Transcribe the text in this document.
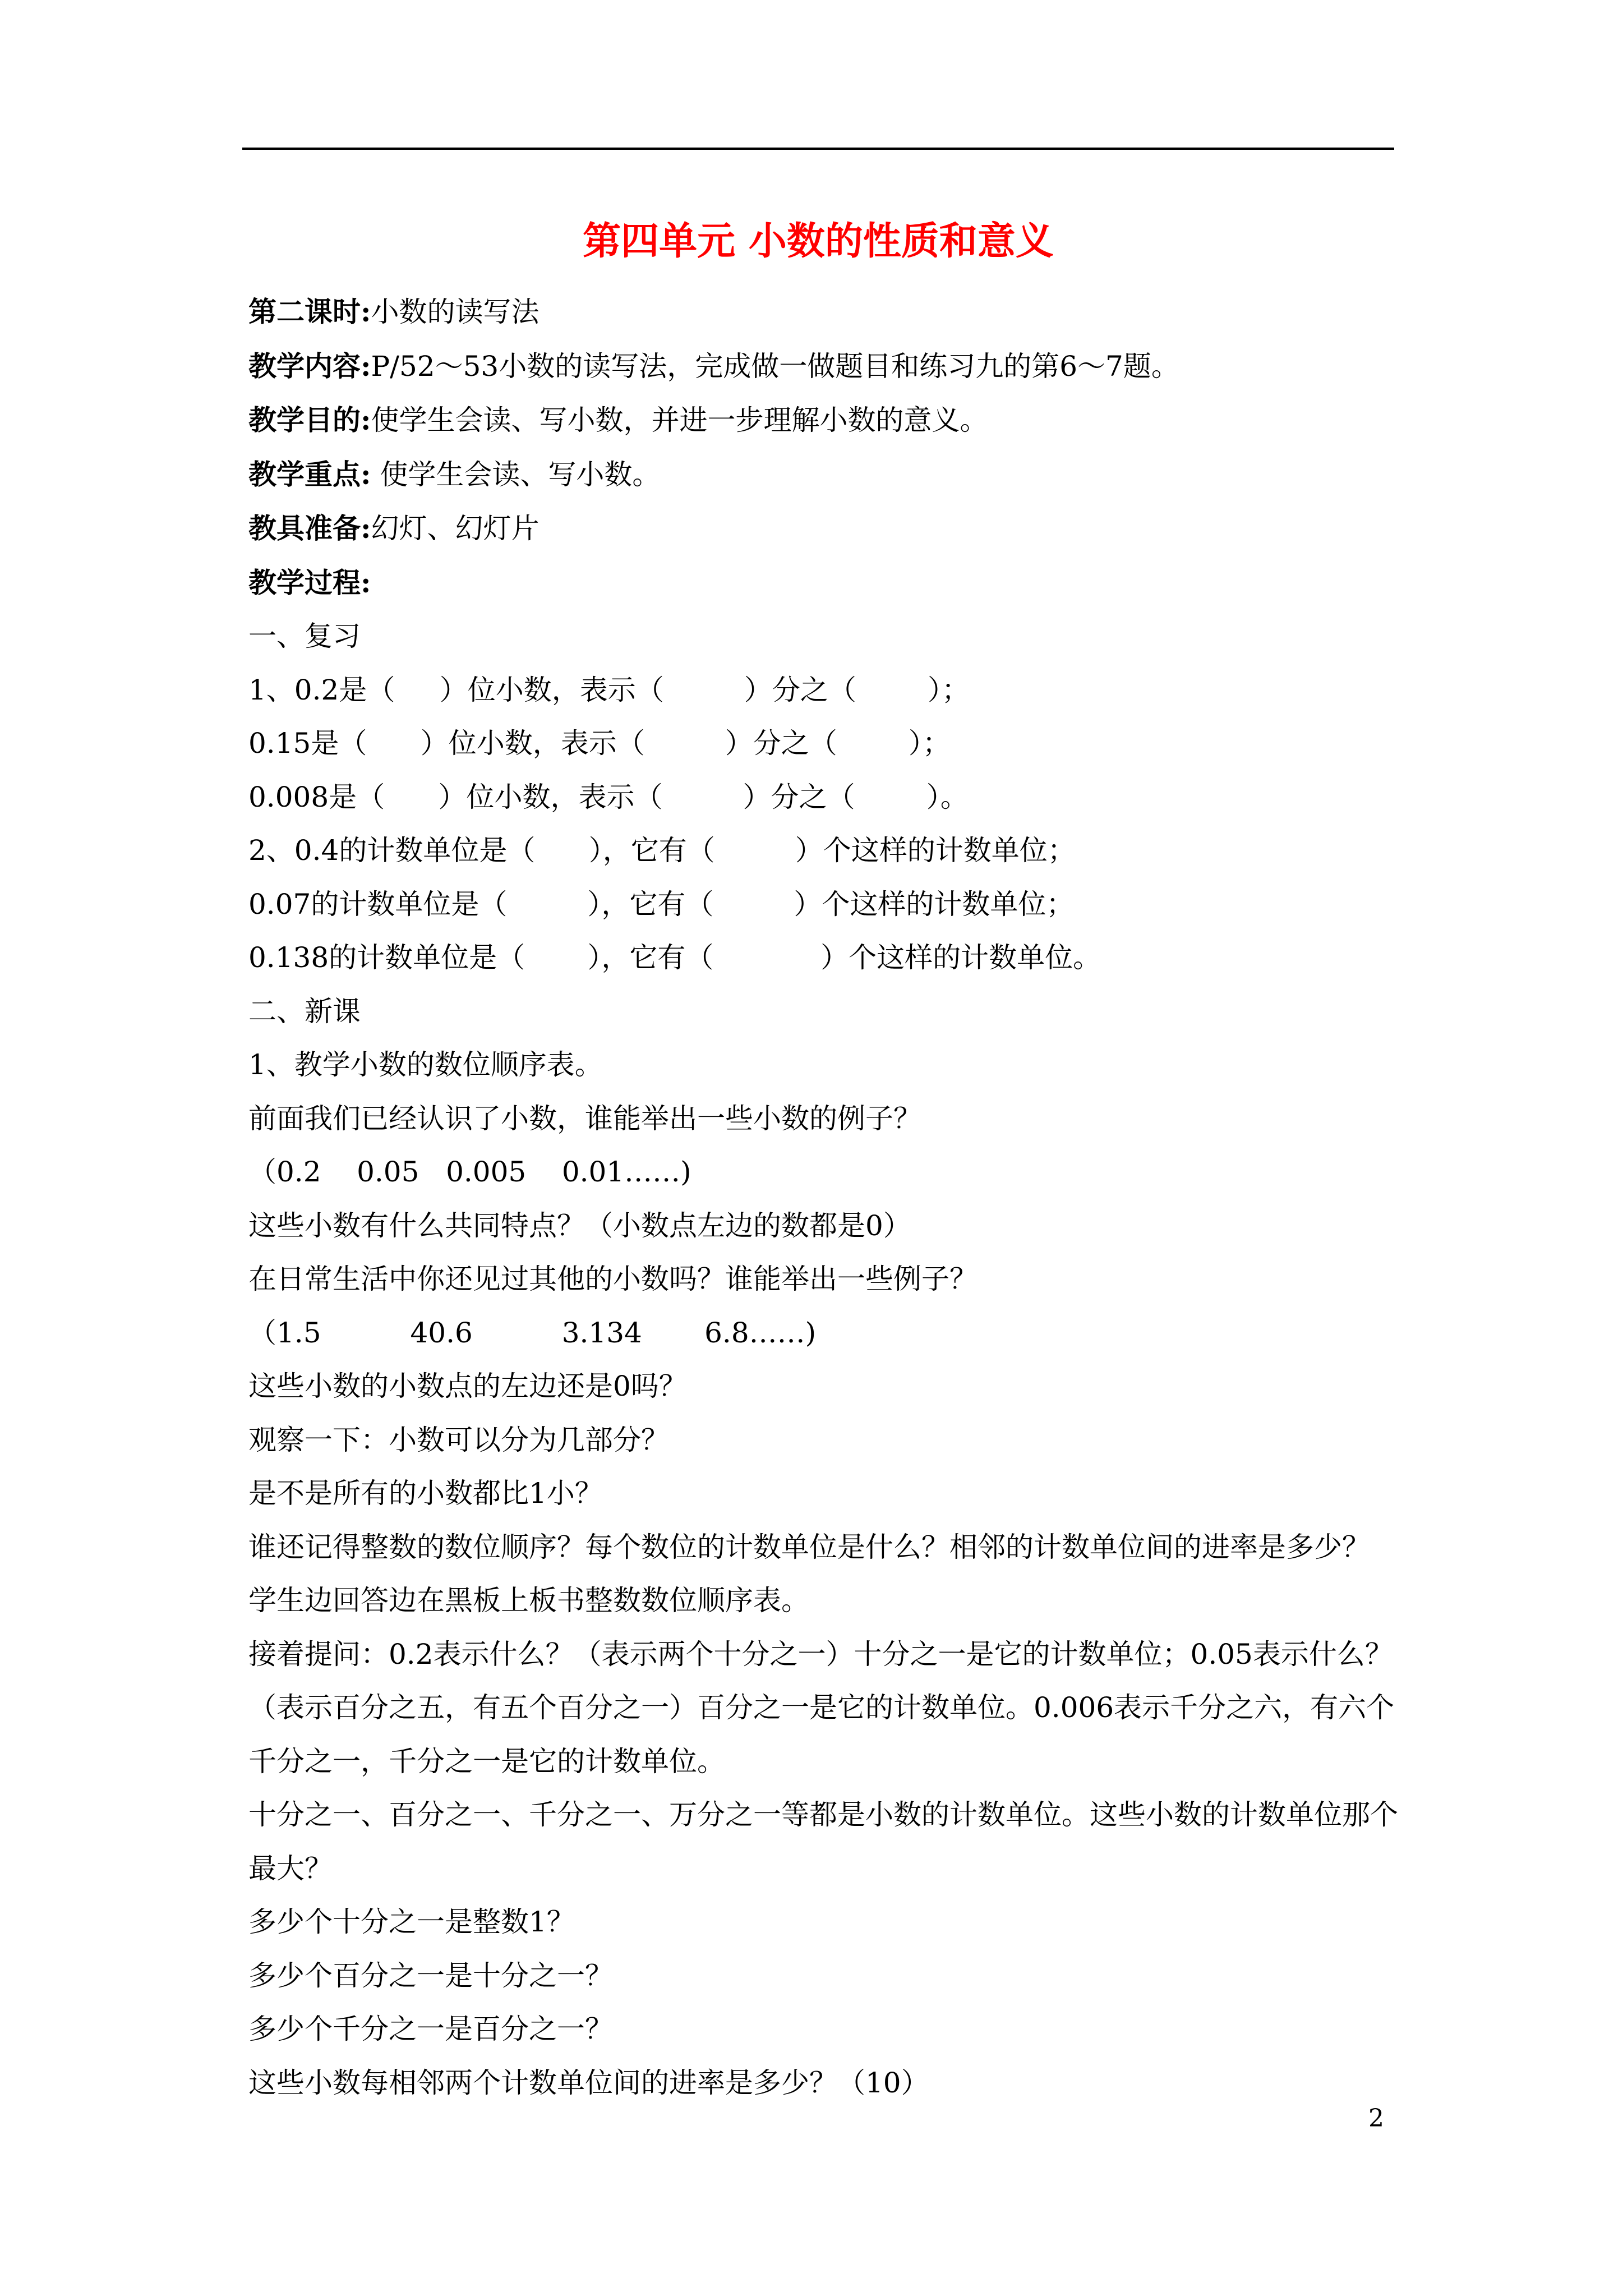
第四单元 小数的性质和意义

第二课时:小数的读写法

教学内容:P/52～53小数的读写法，完成做一做题目和练习九的第6～7题。

教学目的:使学生会读、写小数，并进一步理解小数的意义。

教学重点: 使学生会读、写小数。

教具准备:幻灯、幻灯片

教学过程:

一、复习

1、0.2是（     ）位小数，表示（         ）分之（        ）；

0.15是（      ）位小数，表示（         ）分之（        ）；

0.008是（      ）位小数，表示（         ）分之（        ）。

2、0.4的计数单位是（      ），它有（         ）个这样的计数单位；

0.07的计数单位是（         ），它有（         ）个这样的计数单位；

0.138的计数单位是（       ），它有（            ）个这样的计数单位。

二、新课

1、教学小数的数位顺序表。

前面我们已经认识了小数，谁能举出一些小数的例子？

（0.2    0.05   0.005    0.01……)

这些小数有什么共同特点？（小数点左边的数都是0）

在日常生活中你还见过其他的小数吗？谁能举出一些例子？

（1.5          40.6          3.134       6.8……)

这些小数的小数点的左边还是0吗？

观察一下：小数可以分为几部分？

是不是所有的小数都比1小？

谁还记得整数的数位顺序？每个数位的计数单位是什么？相邻的计数单位间的进率是多少？

学生边回答边在黑板上板书整数数位顺序表。

接着提问：0.2表示什么？（表示两个十分之一）十分之一是它的计数单位；0.05表示什么？（表示百分之五，有五个百分之一）百分之一是它的计数单位。0.006表示千分之六，有六个千分之一，千分之一是它的计数单位。

十分之一、百分之一、千分之一、万分之一等都是小数的计数单位。这些小数的计数单位那个最大？

多少个十分之一是整数1？

多少个百分之一是十分之一？

多少个千分之一是百分之一？

这些小数每相邻两个计数单位间的进率是多少？（10）

2
